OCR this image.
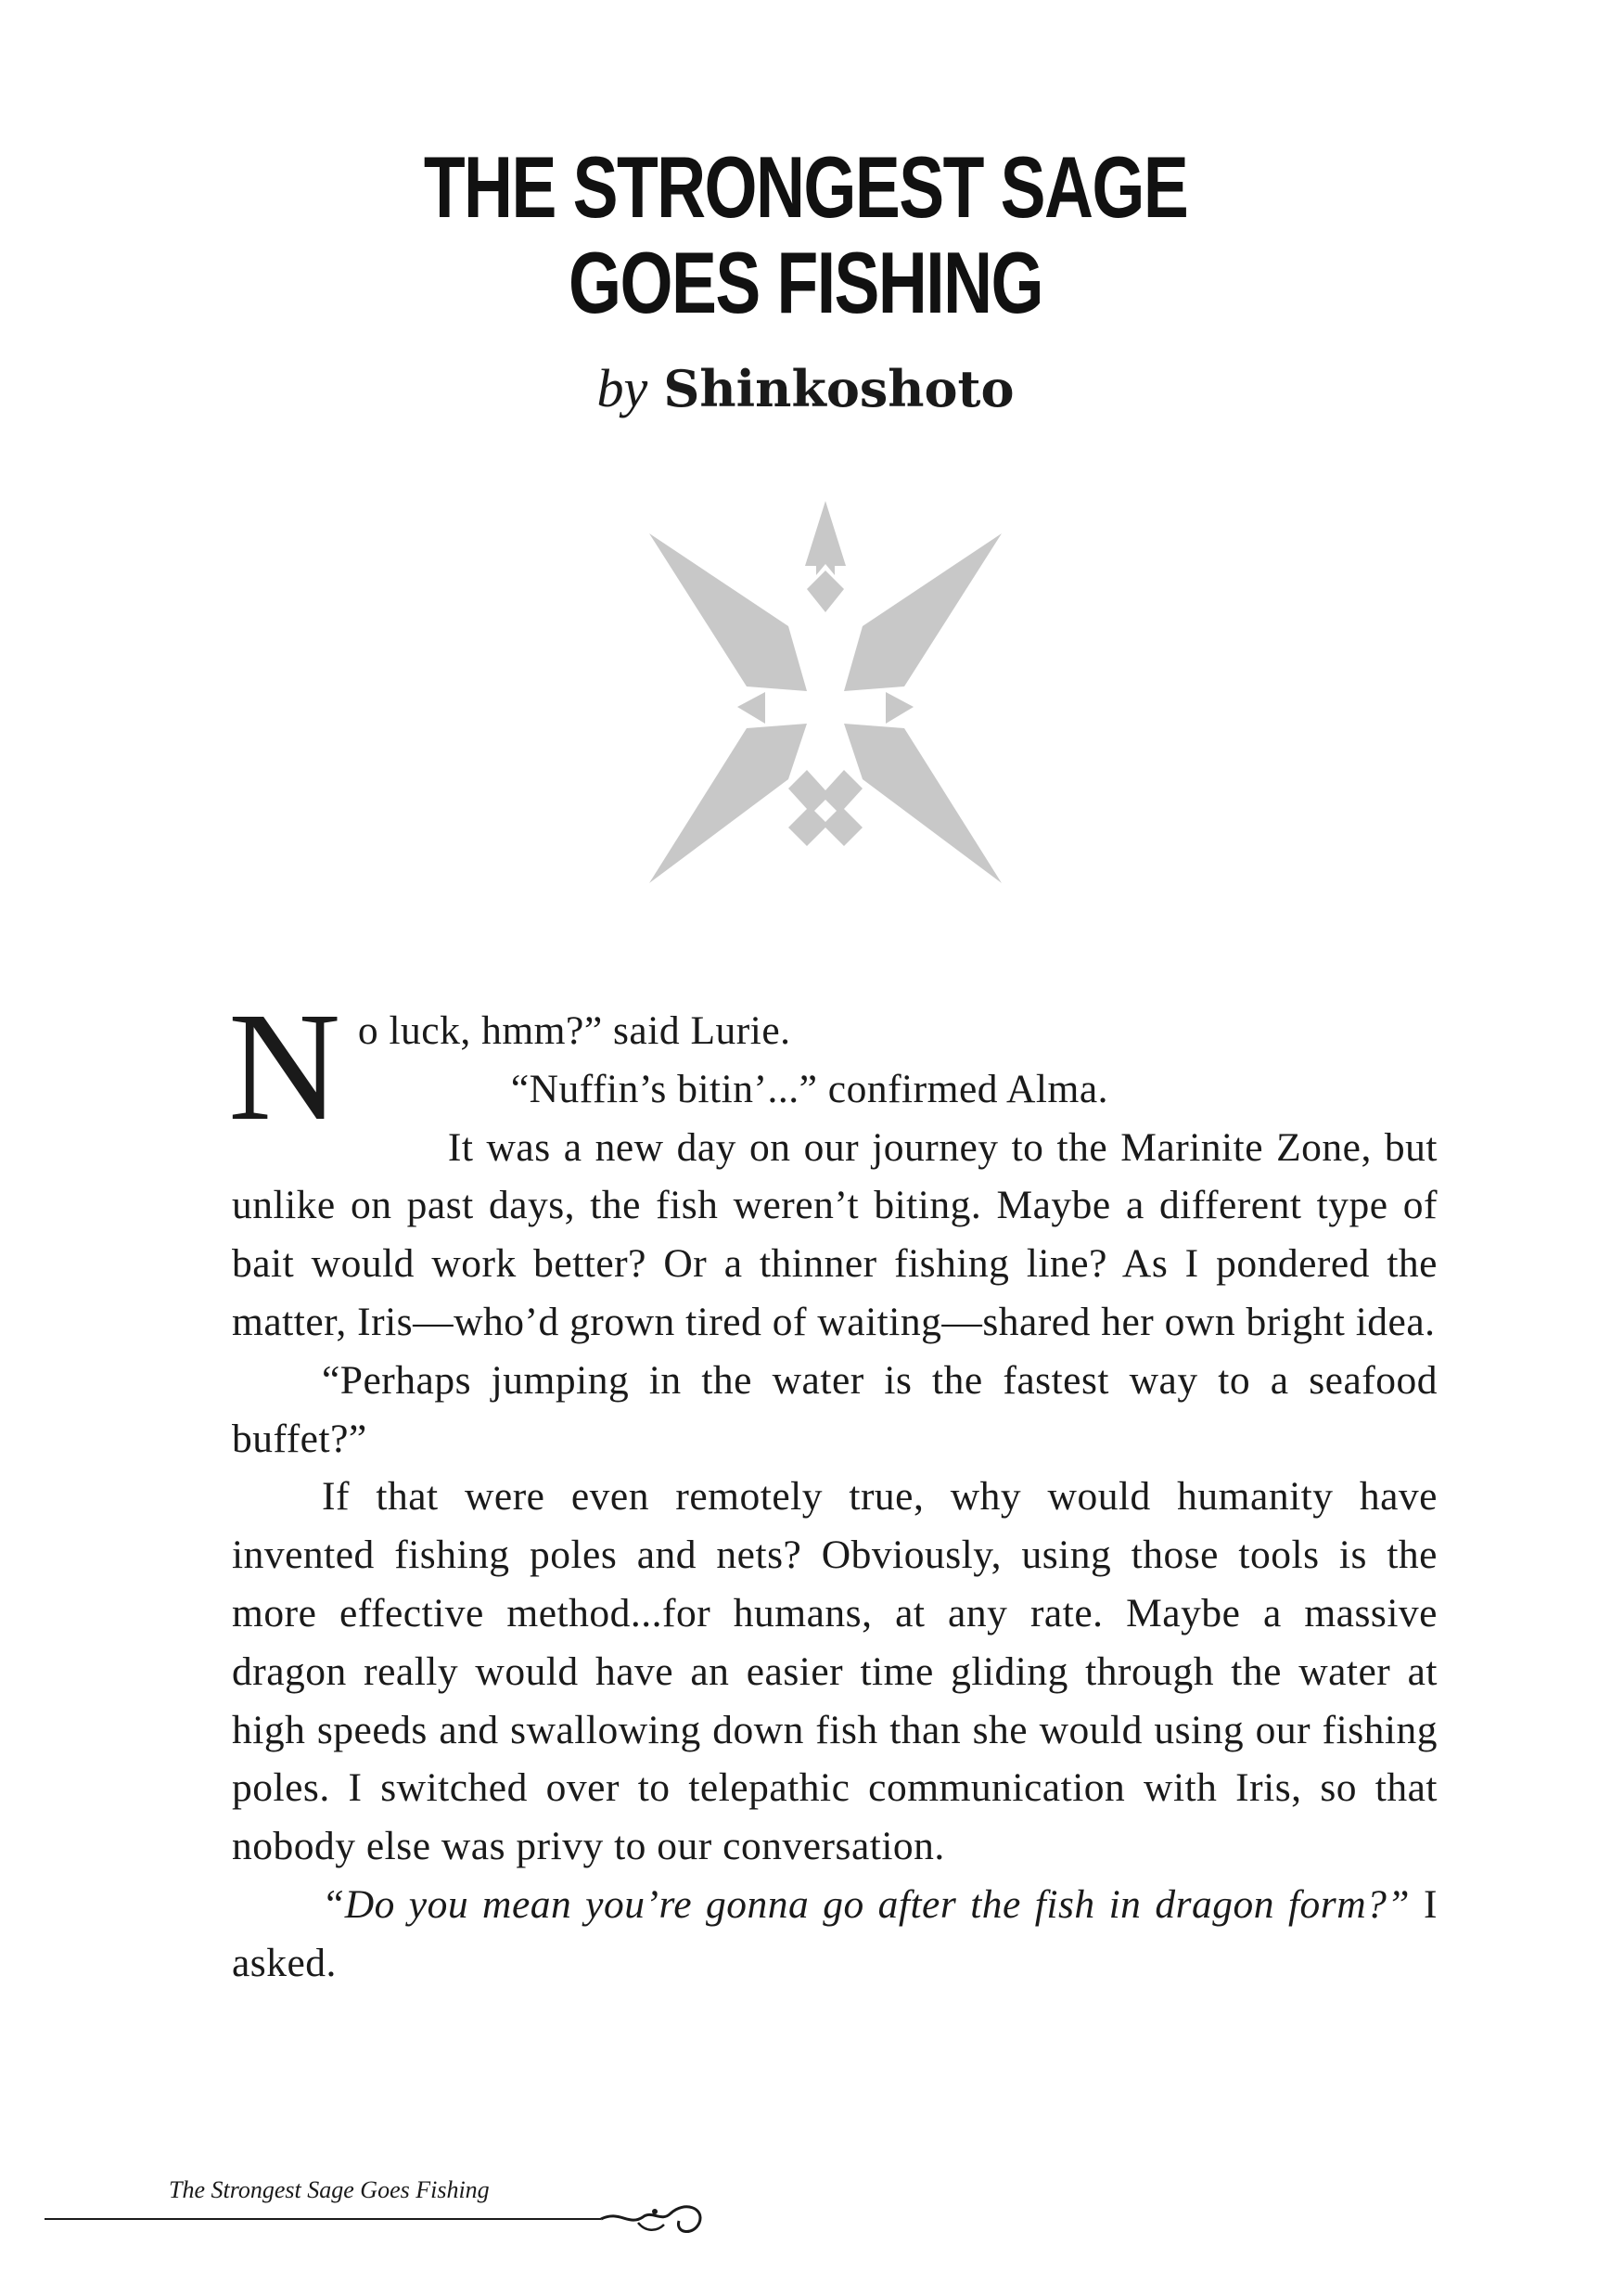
THE STRONGEST SAGE
GOES FISHING
by Shinkoshoto

No luck, hmm?” said Lurie.

“Nuffin’s bitin’...” confirmed Alma.

It was a new day on our journey to the Marinite Zone, but unlike on past days, the fish weren’t biting. Maybe a different type of bait would work better? Or a thinner fishing line? As I pondered the matter, Iris—who’d grown tired of waiting—shared her own bright idea.

“Perhaps jumping in the water is the fastest way to a seafood buffet?”

If that were even remotely true, why would humanity have invented fishing poles and nets? Obviously, using those tools is the more effective method...for humans, at any rate. Maybe a massive dragon really would have an easier time gliding through the water at high speeds and swallowing down fish than she would using our fishing poles. I switched over to telepathic communication with Iris, so that nobody else was privy to our conversation.

“Do you mean you’re gonna go after the fish in dragon form?” I asked.

The Strongest Sage Goes Fishing
